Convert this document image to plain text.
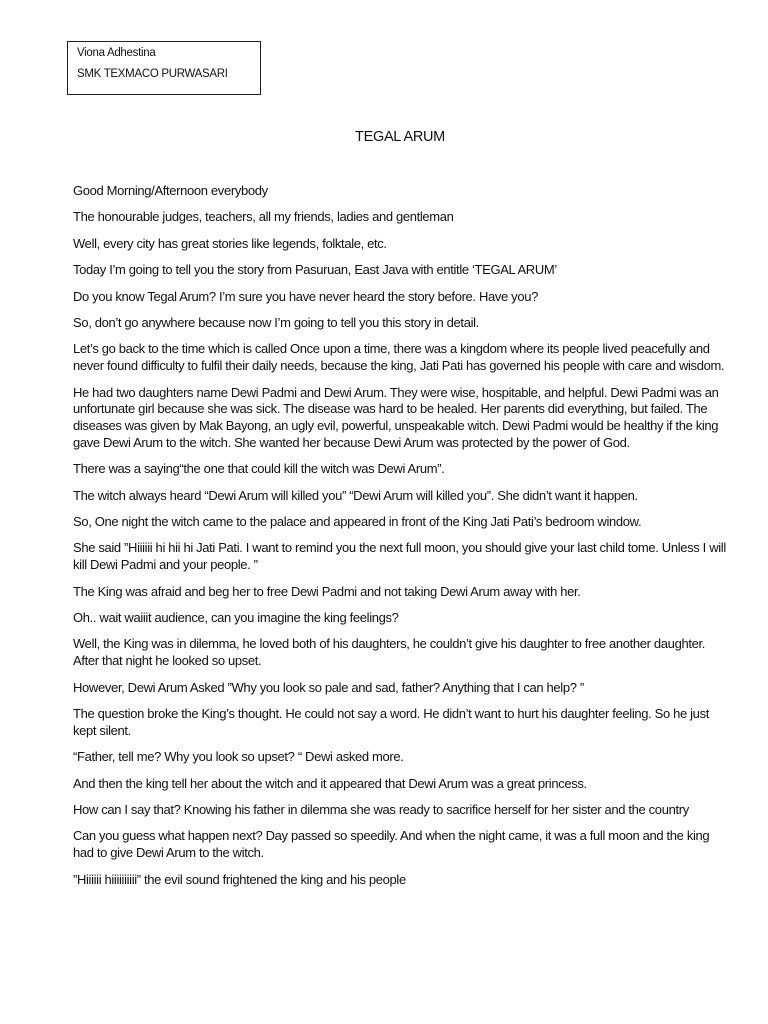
Viona Adhestina
SMK TEXMACO PURWASARI
TEGAL ARUM

Good Morning/Afternoon everybody

The honourable judges, teachers, all my friends, ladies and gentleman

Well, every city has great stories like legends, folktale, etc.

Today I’m going to tell you the story from Pasuruan, East Java with entitle ‘TEGAL ARUM’

Do you know Tegal Arum? I’m sure you have never heard the story before. Have you?

So, don’t go anywhere because now I’m going to tell you this story in detail.

Let’s go back to the time which is called Once upon a time, there was a kingdom where its people lived peacefully and never found difficulty to fulfil their daily needs, because the king, Jati Pati has governed his people with care and wisdom.

He had two daughters name Dewi Padmi and Dewi Arum. They were wise, hospitable, and helpful. Dewi Padmi was an unfortunate girl because she was sick. The disease was hard to be healed. Her parents did everything, but failed. The diseases was given by Mak Bayong, an ugly evil, powerful, unspeakable witch. Dewi Padmi would be healthy if the king gave Dewi Arum to the witch. She wanted her because Dewi Arum was protected by the power of God.

There was a saying“the one that could kill the witch was Dewi Arum”.

The witch always heard “Dewi Arum will killed you” “Dewi Arum will killed you”. She didn’t want it happen.

So, One night the witch came to the palace and appeared in front of the King Jati Pati’s bedroom window.

She said ”Hiiiiii hi hii hi Jati Pati. I want to remind you the next full moon, you should give your last child tome. Unless I will kill Dewi Padmi and your people. ”

The King was afraid and beg her to free Dewi Padmi and not taking Dewi Arum away with her.

Oh.. wait waiiit audience, can you imagine the king feelings?

Well, the King was in dilemma, he loved both of his daughters, he couldn’t give his daughter to free another daughter. After that night he looked so upset.

However, Dewi Arum Asked ”Why you look so pale and sad, father? Anything that I can help? ”

The question broke the King’s thought. He could not say a word. He didn’t want to hurt his daughter feeling. So he just kept silent.

“Father, tell me? Why you look so upset? “ Dewi asked more.

And then the king tell her about the witch and it appeared that Dewi Arum was a great princess.

How can I say that? Knowing his father in dilemma she was ready to sacrifice herself for her sister and the country

Can you guess what happen next? Day passed so speedily. And when the night came, it was a full moon and the king had to give Dewi Arum to the witch.

”Hiiiiii hiiiiiiiiii” the evil sound frightened the king and his people
